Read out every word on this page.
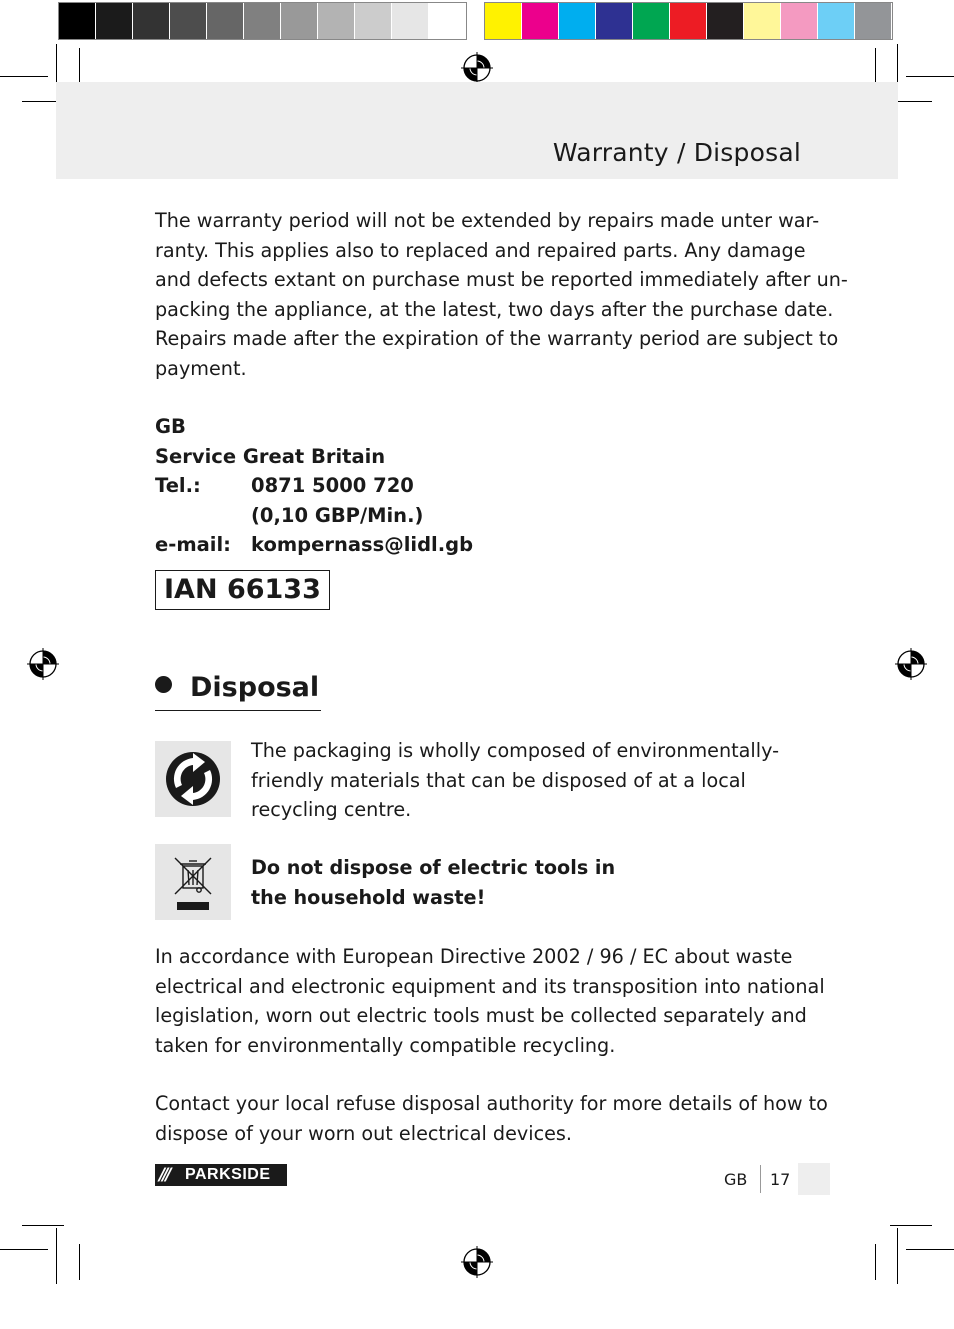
Warranty / Disposal
The warranty period will not be extended by repairs made unter war-
ranty. This applies also to replaced and repaired parts. Any damage
and defects extant on purchase must be reported immediately after un-
packing the appliance, at the latest, two days after the purchase date.
Repairs made after the expiration of the warranty period are subject to
payment.
GB
Service Great Britain
Tel.:	0871 5000 720
(0,10 GBP/Min.)
e-mail: kompernass@lidl.gb
IAN 66133
Disposal
The packaging is wholly composed of environmentally-
friendly materials that can be disposed of at a local
recycling centre.
Do not dispose of electric tools in
the household waste!
In accordance with European Directive 2002 / 96 / EC about waste
electrical and electronic equipment and its transposition into national
legislation, worn out electric tools must be collected separately and
taken for environmentally compatible recycling.
Contact your local refuse disposal authority for more details of how to
dispose of your worn out electrical devices.
/// PARKSIDE	GB 17
